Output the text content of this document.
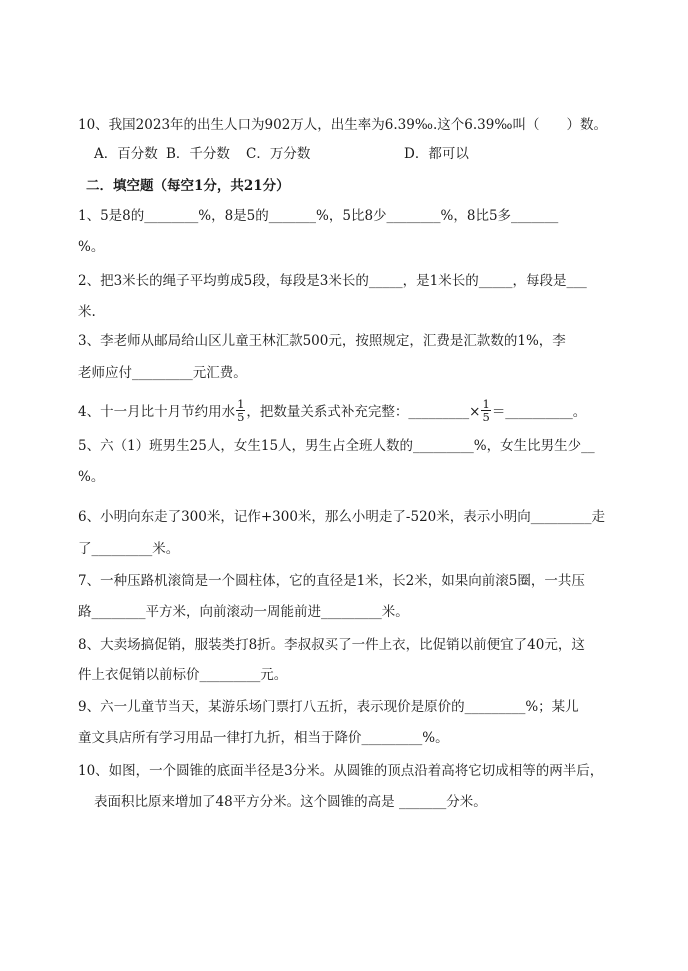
10、我国2023年的出生人口为902万人，出生率为6.39‰.这个6.39‰叫（　　）数。
A．百分数 B．千分数 C．万分数	D．都可以
二．填空题（每空1分，共21分）
1、5是8的________%，8是5的_______%，5比8少________%，8比5多_______
%。
2、把3米长的绳子平均剪成5段，每段是3米长的_____，是1米长的_____，每段是___
米.
3、李老师从邮局给山区儿童王林汇款500元，按照规定，汇费是汇款数的1%，李
老师应付_________元汇费。
4、十一月比十月节约用水 $\frac{1}{5}$ ，把数量关系式补充完整：_________× $\frac{1}{5}$ ＝__________。
5、六（1）班男生25人，女生15人，男生占全班人数的_________%，女生比男生少__
%。
6、小明向东走了300米，记作+300米，那么小明走了-520米，表示小明向_________走
了_________米。
7、一种压路机滚筒是一个圆柱体，它的直径是1米，长2米，如果向前滚5圈，一共压
路________平方米，向前滚动一周能前进_________米。
8、大卖场搞促销，服装类打8折。李叔叔买了一件上衣，比促销以前便宜了40元，这
件上衣促销以前标价_________元。
9、六一儿童节当天，某游乐场门票打八五折，表示现价是原价的_________%；某儿
童文具店所有学习用品一律打九折，相当于降价_________%。
10、如图，一个圆锥的底面半径是3分米。从圆锥的顶点沿着高将它切成相等的两半后，
表面积比原来增加了48平方分米。这个圆锥的高是 _______分米。
